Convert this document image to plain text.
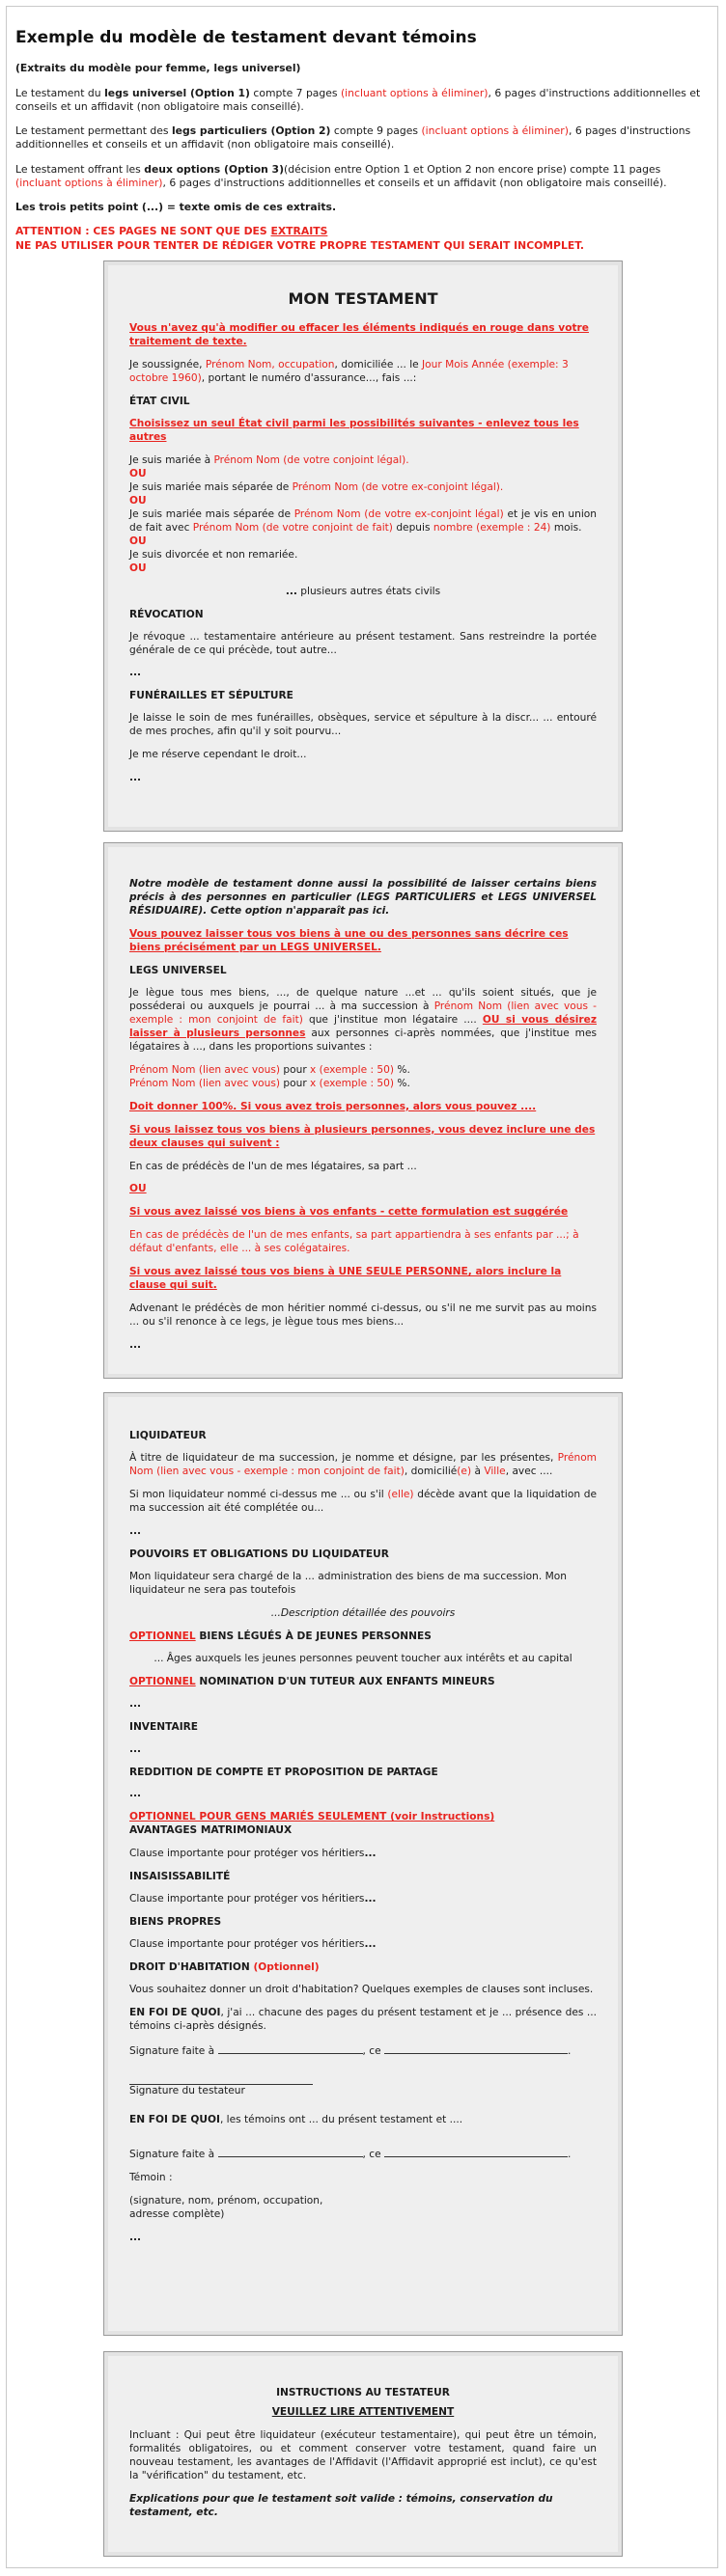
Exemple du modèle de testament devant témoins

(Extraits du modèle pour femme, legs universel)

Le testament du legs universel (Option 1) compte 7 pages (incluant options à éliminer), 6 pages d'instructions additionnelles et conseils et un affidavit (non obligatoire mais conseillé).

Le testament permettant des legs particuliers (Option 2) compte 9 pages (incluant options à éliminer), 6 pages d'instructions additionnelles et conseils et un affidavit (non obligatoire mais conseillé).

Le testament offrant les deux options (Option 3)(décision entre Option 1 et Option 2 non encore prise) compte 11 pages (incluant options à éliminer), 6 pages d'instructions additionnelles et conseils et un affidavit (non obligatoire mais conseillé).

Les trois petits point (...) = texte omis de ces extraits.

ATTENTION : CES PAGES NE SONT QUE DES EXTRAITS
NE PAS UTILISER POUR TENTER DE RÉDIGER VOTRE PROPRE TESTAMENT QUI SERAIT INCOMPLET.
MON TESTAMENT

Vous n'avez qu'à modifier ou effacer les éléments indiqués en rouge dans votre traitement de texte.

Je soussignée, Prénom Nom, occupation, domiciliée ... le Jour Mois Année (exemple: 3 octobre 1960), portant le numéro d'assurance..., fais ...:

ÉTAT CIVIL

Choisissez un seul État civil parmi les possibilités suivantes - enlevez tous les autres

Je suis mariée à Prénom Nom (de votre conjoint légal).
OU
Je suis mariée mais séparée de Prénom Nom (de votre ex-conjoint légal).
OU

Je suis mariée mais séparée de Prénom Nom (de votre ex-conjoint légal) et je vis en union de fait avec Prénom Nom (de votre conjoint de fait) depuis nombre (exemple : 24) mois.
OU
Je suis divorcée et non remariée.
OU

... plusieurs autres états civils

RÉVOCATION

Je révoque ... testamentaire antérieure au présent testament. Sans restreindre la portée générale de ce qui précède, tout autre...

...

FUNÉRAILLES ET SÉPULTURE

Je laisse le soin de mes funérailles, obsèques, service et sépulture à la discr... ... entouré de mes proches, afin qu'il y soit pourvu...

Je me réserve cependant le droit...

...

Notre modèle de testament donne aussi la possibilité de laisser certains biens précis à des personnes en particulier (LEGS PARTICULIERS et LEGS UNIVERSEL RÉSIDUAIRE). Cette option n'apparaît pas ici.

Vous pouvez laisser tous vos biens à une ou des personnes sans décrire ces biens précisément par un LEGS UNIVERSEL.

LEGS UNIVERSEL

Je lègue tous mes biens, ..., de quelque nature ...et ... qu'ils soient situés, que je posséderai ou auxquels je pourrai ... à ma succession à Prénom Nom (lien avec vous - exemple : mon conjoint de fait) que j'institue mon légataire .... OU si vous désirez laisser à plusieurs personnes aux personnes ci-après nommées, que j'institue mes légataires à ..., dans les proportions suivantes :

Prénom Nom (lien avec vous) pour x (exemple : 50) %.
Prénom Nom (lien avec vous) pour x (exemple : 50) %.

Doit donner 100%. Si vous avez trois personnes, alors vous pouvez ....

Si vous laissez tous vos biens à plusieurs personnes, vous devez inclure une des deux clauses qui suivent :

En cas de prédécès de l'un de mes légataires, sa part ...

OU

Si vous avez laissé vos biens à vos enfants - cette formulation est suggérée

En cas de prédécès de l'un de mes enfants, sa part appartiendra à ses enfants par ...; à défaut d'enfants, elle ... à ses colégataires.

Si vous avez laissé tous vos biens à UNE SEULE PERSONNE, alors inclure la clause qui suit.

Advenant le prédécès de mon héritier nommé ci-dessus, ou s'il ne me survit pas au moins ... ou s'il renonce à ce legs, je lègue tous mes biens...

...

LIQUIDATEUR

À titre de liquidateur de ma succession, je nomme et désigne, par les présentes, Prénom Nom (lien avec vous - exemple : mon conjoint de fait), domicilié(e) à Ville, avec ....

Si mon liquidateur nommé ci-dessus me ... ou s'il (elle) décède avant que la liquidation de ma succession ait été complétée ou...

...

POUVOIRS ET OBLIGATIONS DU LIQUIDATEUR

Mon liquidateur sera chargé de la ... administration des biens de ma succession. Mon liquidateur ne sera pas toutefois

...Description détaillée des pouvoirs

OPTIONNEL BIENS LÉGUÉS À DE JEUNES PERSONNES

... Âges auxquels les jeunes personnes peuvent toucher aux intérêts et au capital

OPTIONNEL NOMINATION D'UN TUTEUR AUX ENFANTS MINEURS

...

INVENTAIRE

...

REDDITION DE COMPTE ET PROPOSITION DE PARTAGE

...

OPTIONNEL POUR GENS MARIÉS SEULEMENT (voir Instructions)
AVANTAGES MATRIMONIAUX

Clause importante pour protéger vos héritiers...

INSAISISSABILITÉ

Clause importante pour protéger vos héritiers...

BIENS PROPRES

Clause importante pour protéger vos héritiers...

DROIT D'HABITATION (Optionnel)

Vous souhaitez donner un droit d'habitation? Quelques exemples de clauses sont incluses.

EN FOI DE QUOI, j'ai ... chacune des pages du présent testament et je ... présence des ... témoins ci-après désignés.

Signature faite à	, ce	.

Signature du testateur

EN FOI DE QUOI, les témoins ont ... du présent testament et ....

Signature faite à	, ce	.

Témoin :

(signature, nom, prénom, occupation, adresse complète)

...

INSTRUCTIONS AU TESTATEUR

VEUILLEZ LIRE ATTENTIVEMENT

Incluant : Qui peut être liquidateur (exécuteur testamentaire), qui peut être un témoin, formalités obligatoires, ou et comment conserver votre testament, quand faire un nouveau testament, les avantages de l'Affidavit (l'Affidavit approprié est inclut), ce qu'est la "vérification" du testament, etc.

Explications pour que le testament soit valide : témoins, conservation du testament, etc.
